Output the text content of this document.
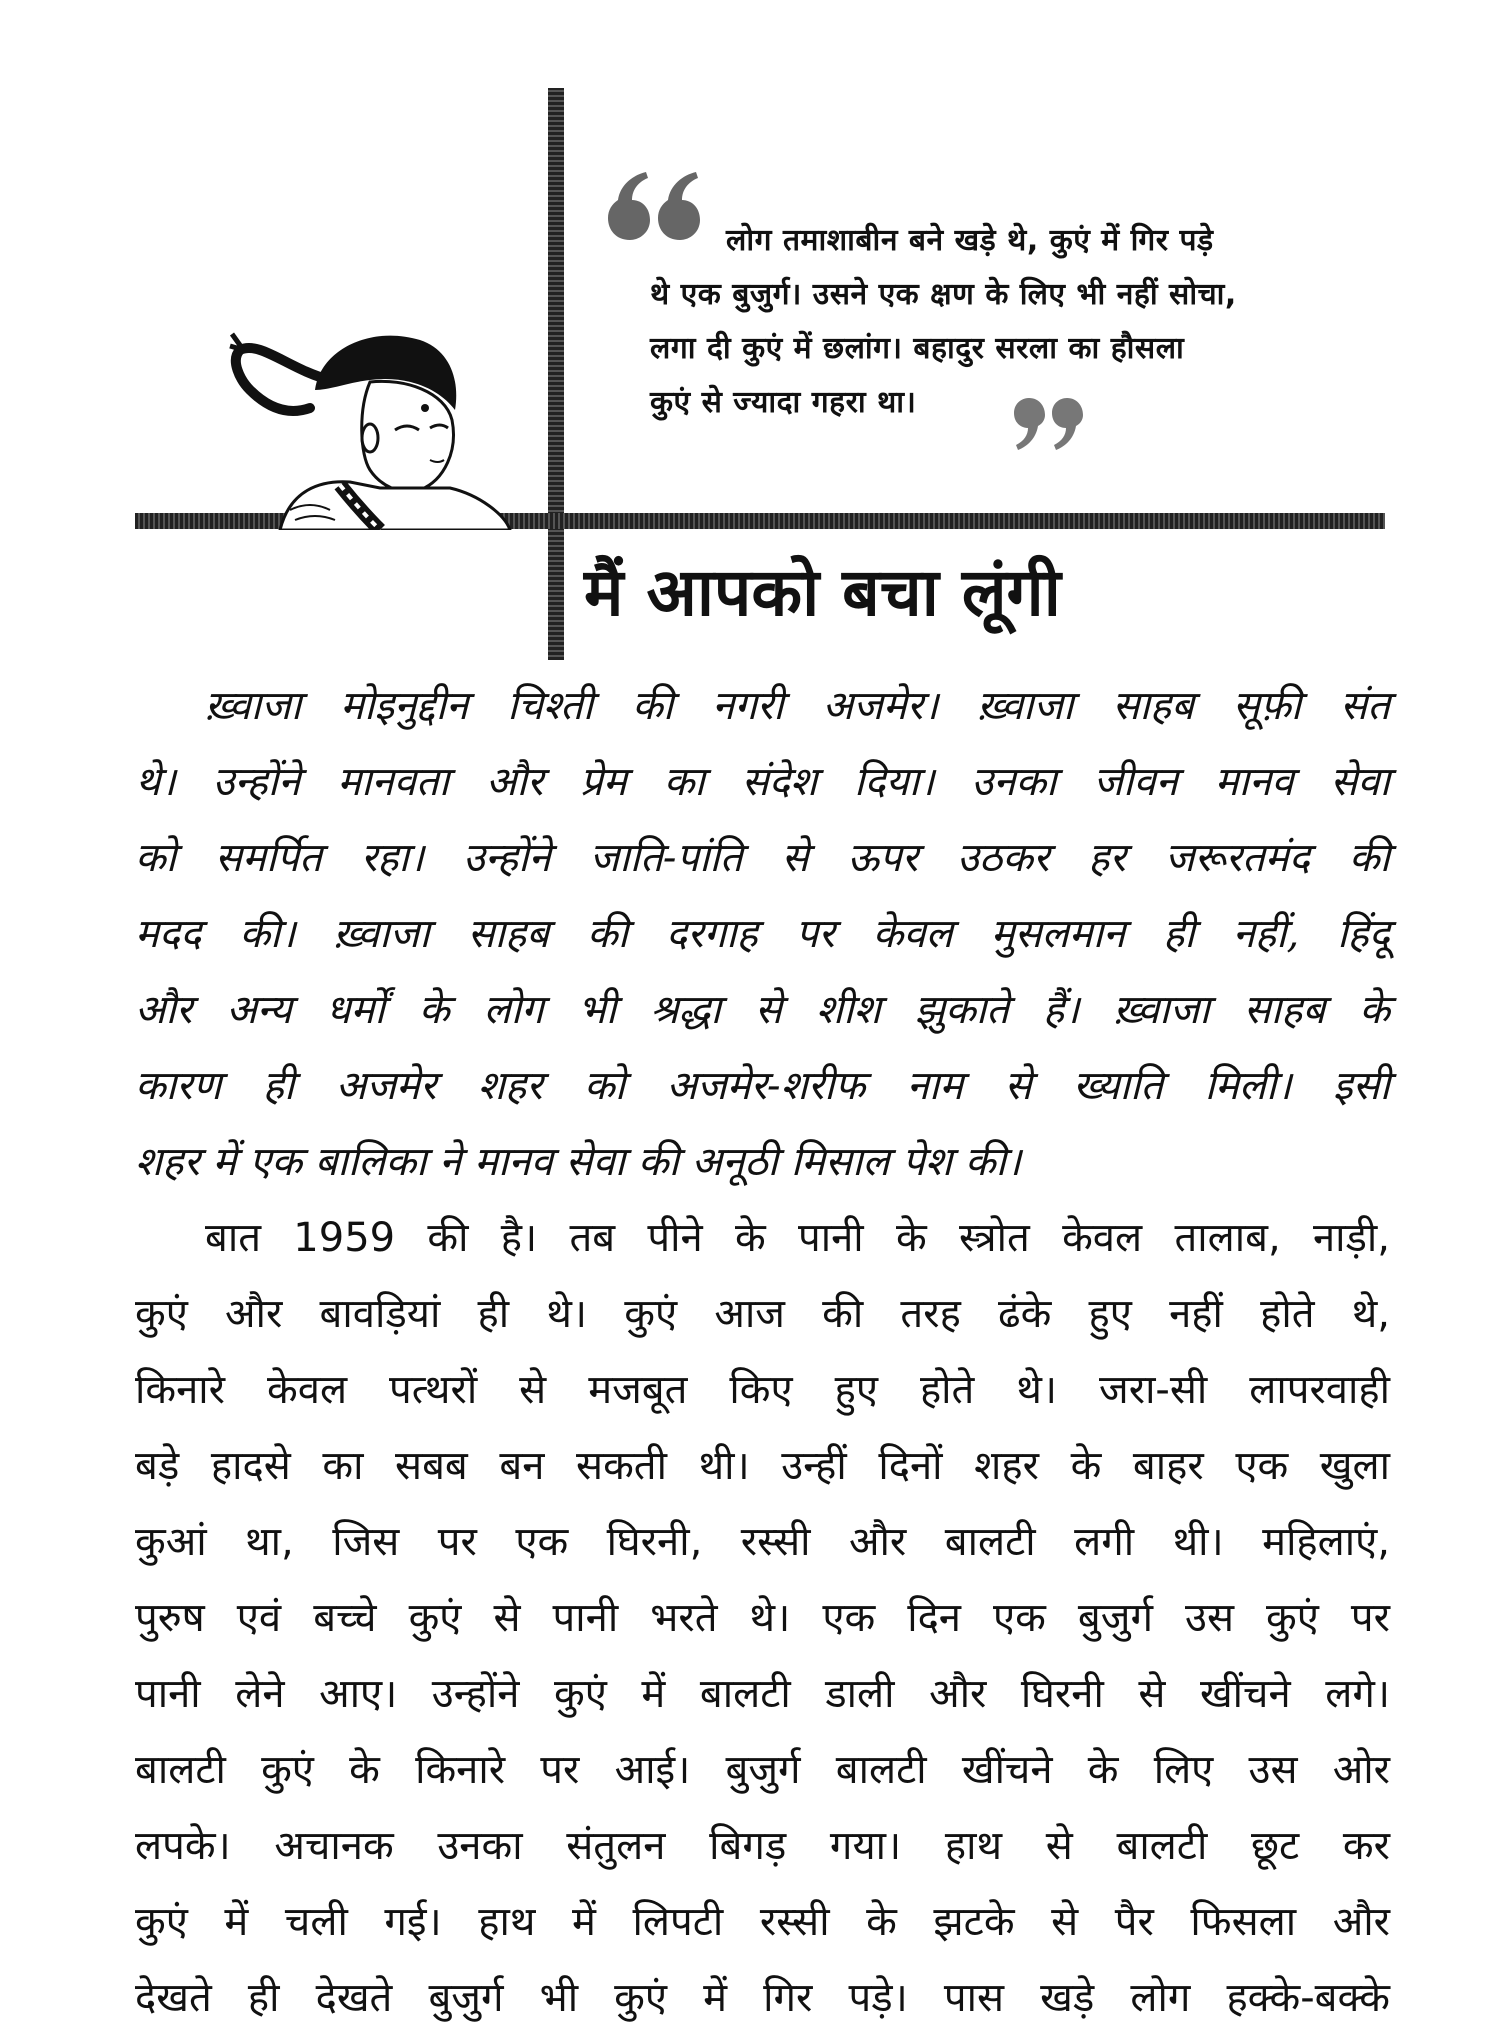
लोग तमाशाबीन बने खड़े थे, कुएं में गिर पड़े
थे एक बुजुर्ग। उसने एक क्षण के लिए भी नहीं सोचा,
लगा दी कुएं में छलांग। बहादुर सरला का हौसला
कुएं से ज्यादा गहरा था।
मैं आपको बचा लूंगी
ख़्वाजा मोइनुद्दीन चिश्ती की नगरी अजमेर। ख़्वाजा साहब सूफ़ी संत
थे। उन्होंने मानवता और प्रेम का संदेश दिया। उनका जीवन मानव सेवा
को समर्पित रहा। उन्होंने जाति-पांति से ऊपर उठकर हर जरूरतमंद की
मदद की। ख़्वाजा साहब की दरगाह पर केवल मुसलमान ही नहीं, हिंदू
और अन्य धर्मों के लोग भी श्रद्धा से शीश झुकाते हैं। ख़्वाजा साहब के
कारण ही अजमेर शहर को अजमेर-शरीफ नाम से ख्याति मिली। इसी
शहर में एक बालिका ने मानव सेवा की अनूठी मिसाल पेश की।
बात 1959 की है। तब पीने के पानी के स्त्रोत केवल तालाब, नाड़ी,
कुएं और बावड़ियां ही थे। कुएं आज की तरह ढंके हुए नहीं होते थे,
किनारे केवल पत्थरों से मजबूत किए हुए होते थे। जरा-सी लापरवाही
बड़े हादसे का सबब बन सकती थी। उन्हीं दिनों शहर के बाहर एक खुला
कुआं था, जिस पर एक घिरनी, रस्सी और बालटी लगी थी। महिलाएं,
पुरुष एवं बच्चे कुएं से पानी भरते थे। एक दिन एक बुजुर्ग उस कुएं पर
पानी लेने आए। उन्होंने कुएं में बालटी डाली और घिरनी से खींचने लगे।
बालटी कुएं के किनारे पर आई। बुजुर्ग बालटी खींचने के लिए उस ओर
लपके। अचानक उनका संतुलन बिगड़ गया। हाथ से बालटी छूट कर
कुएं में चली गई। हाथ में लिपटी रस्सी के झटके से पैर फिसला और
देखते ही देखते बुजुर्ग भी कुएं में गिर पड़े। पास खड़े लोग हक्के-बक्के
